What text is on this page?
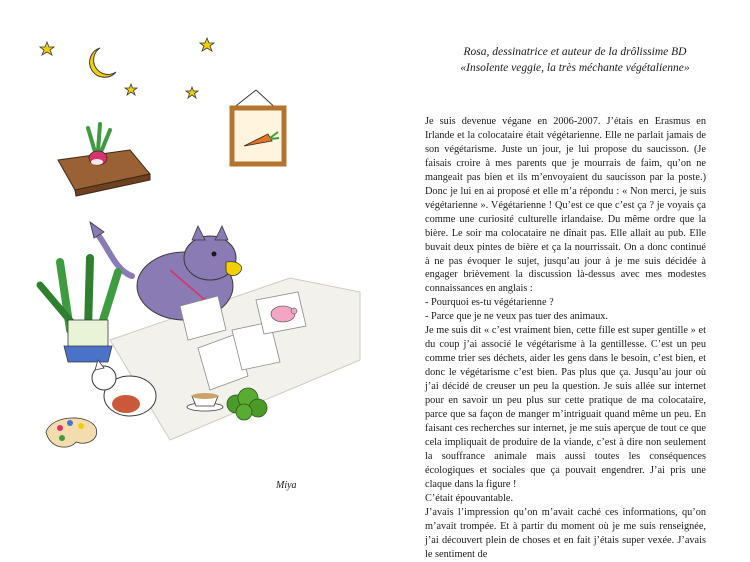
Miya
Rosa, dessinatrice et auteur de la drôlissime BD
«Insolente veggie, la très méchante végétalienne»

Je suis devenue végane en 2006-2007. J’étais en Erasmus en Irlande et la colocataire était végétarienne. Elle ne parlait jamais de son végétarisme. Juste un jour, je lui propose du saucisson. (Je faisais croire à mes parents que je mourrais de faim, qu’on ne mangeait pas bien et ils m’envoyaient du saucisson par la poste.) Donc je lui en ai proposé et elle m’a répondu : « Non merci, je suis végétarienne ». Végétarienne ! Qu’est ce que c’est ça ? je voyais ça comme une curiosité culturelle irlandaise. Du même ordre que la bière. Le soir ma colocataire ne dînait pas. Elle allait au pub. Elle buvait deux pintes de bière et ça la nourrissait. On a donc continué à ne pas évoquer le sujet, jusqu’au jour à je me suis décidée à engager brièvement la discussion là-dessus avec mes modestes connaissances en anglais :

- Pourquoi es-tu végétarienne ?

- Parce que je ne veux pas tuer des animaux.

Je me suis dit « c’est vraiment bien, cette fille est super gentille » et du coup j’ai associé le végétarisme à la gentillesse. C’est un peu comme trier ses déchets, aider les gens dans le besoin, c’est bien, et donc le végétarisme c’est bien. Pas plus que ça. Jusqu’au jour où j’ai décidé de creuser un peu la question. Je suis allée sur internet pour en savoir un peu plus sur cette pratique de ma colocataire, parce que sa façon de manger m’intriguait quand même un peu. En faisant ces recherches sur internet, je me suis aperçue de tout ce que cela impliquait de produire de la viande, c’est à dire non seulement la souffrance animale mais aussi toutes les conséquences écologiques et sociales que ça pouvait engendrer. J’ai pris une claque dans la figure !

C’était épouvantable.

J’avais l’impression qu’on m’avait caché ces informations, qu’on m’avait trompée. Et à partir du moment où je me suis renseignée, j’ai découvert plein de choses et en fait j’étais super vexée. J’avais le sentiment de
